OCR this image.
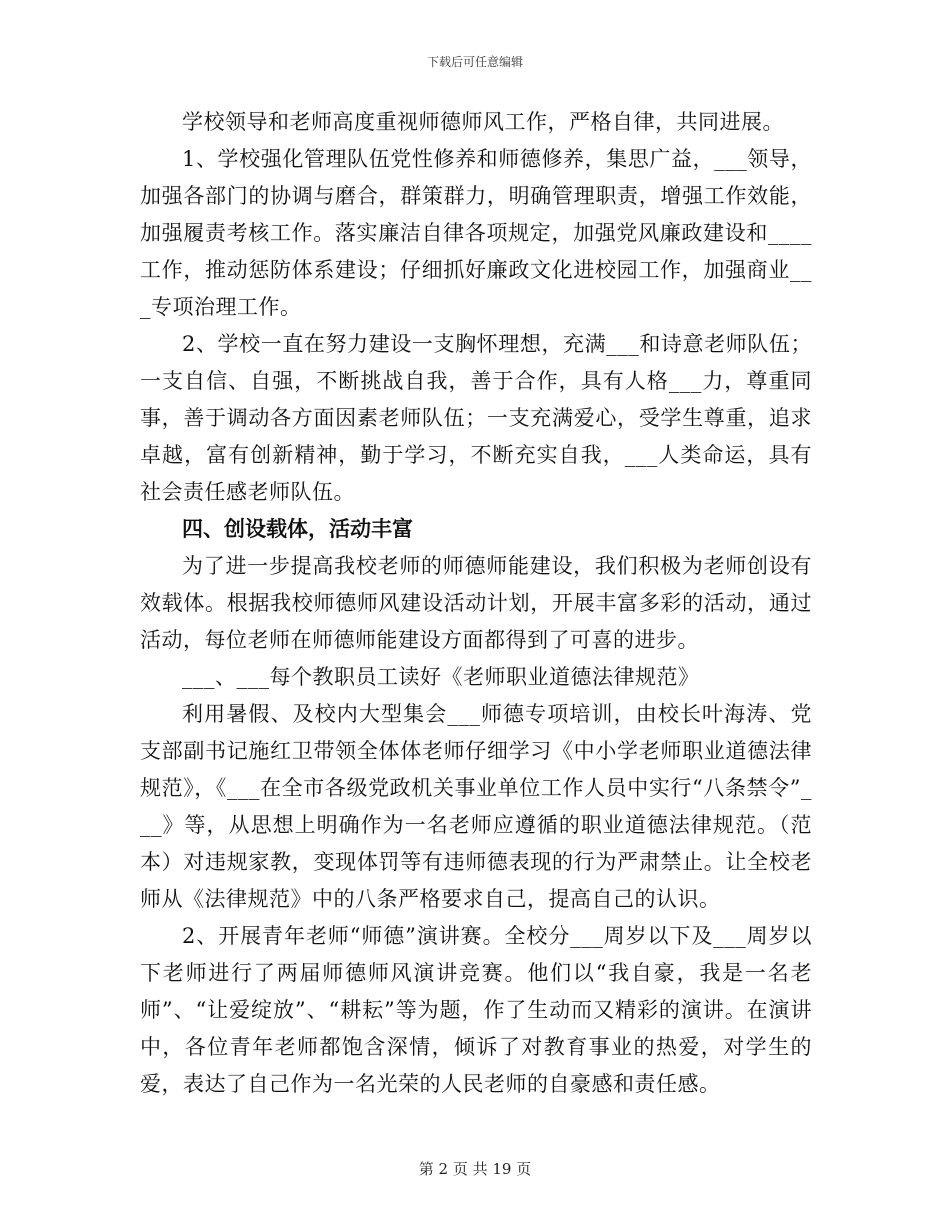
下载后可任意编辑

学校领导和老师高度重视师德师风工作，严格自律，共同进展。

1、学校强化管理队伍党性修养和师德修养，集思广益，___领导，加强各部门的协调与磨合，群策群力，明确管理职责，增强工作效能，加强履责考核工作。落实廉洁自律各项规定，加强党风廉政建设和____工作，推动惩防体系建设；仔细抓好廉政文化进校园工作，加强商业___专项治理工作。

2、学校一直在努力建设一支胸怀理想，充满___和诗意老师队伍；一支自信、自强，不断挑战自我，善于合作，具有人格___力，尊重同事，善于调动各方面因素老师队伍；一支充满爱心，受学生尊重，追求卓越，富有创新精神，勤于学习，不断充实自我，___人类命运，具有社会责任感老师队伍。

四、创设载体，活动丰富

为了进一步提高我校老师的师德师能建设，我们积极为老师创设有效载体。根据我校师德师风建设活动计划，开展丰富多彩的活动，通过活动，每位老师在师德师能建设方面都得到了可喜的进步。

___、___每个教职员工读好《老师职业道德法律规范》

利用暑假、及校内大型集会___师德专项培训，由校长叶海涛、党支部副书记施红卫带领全体体老师仔细学习《中小学老师职业道德法律规范》，《___在全市各级党政机关事业单位工作人员中实行“八条禁令”___》等，从思想上明确作为一名老师应遵循的职业道德法律规范。（范本）对违规家教，变现体罚等有违师德表现的行为严肃禁止。让全校老师从《法律规范》中的八条严格要求自己，提高自己的认识。

2、开展青年老师“师德”演讲赛。全校分___周岁以下及___周岁以下老师进行了两届师德师风演讲竞赛。他们以“我自豪，我是一名老师”、“让爱绽放”、“耕耘”等为题，作了生动而又精彩的演讲。在演讲中，各位青年老师都饱含深情，倾诉了对教育事业的热爱，对学生的爱，表达了自己作为一名光荣的人民老师的自豪感和责任感。

第 2 页 共 19 页
